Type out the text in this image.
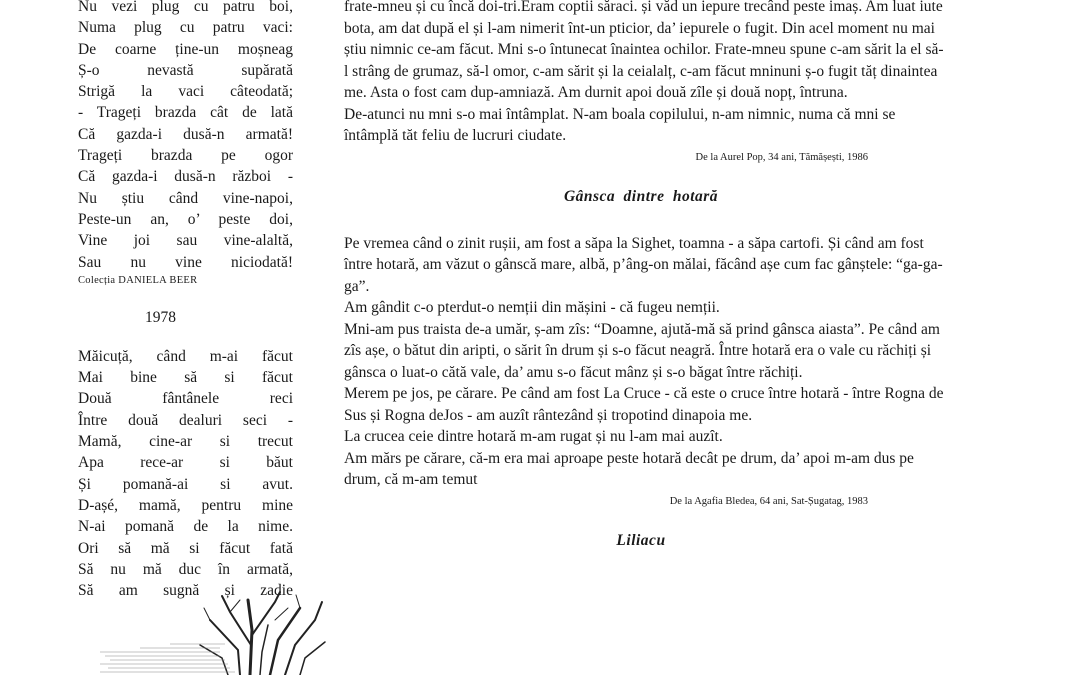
Nu vezi plug cu patru boi,
Numa plug cu patru vaci:
De coarne ține-un moșneag
Ș-o nevastă supărată
Strigă la vaci câteodată;
- Trageți brazda cât de lată
Că gazda-i dusă-n armată!
Trageți brazda pe ogor
Că gazda-i dusă-n război -
Nu știu când vine-napoi,
Peste-un an, o’ peste doi,
Vine joi sau vine-alaltă,
Sau nu vine niciodată!
Colecția DANIELA BEER
1978
Măicuță, când m-ai făcut
Mai bine să si făcut
Două fântânele reci
Între două dealuri seci -
Mamă, cine-ar si trecut
Apa rece-ar si băut
Și pomană-ai si avut.
D-așé, mamă, pentru mine
N-ai pomană de la nime.
Ori să mă si făcut fată
Să nu mă duc în armată,
Să am sugnă și zadie

frate-mneu și cu încă doi-tri.Eram coptii săraci. și văd un iepure trecând peste imaș. Am luat iute bota, am dat după el și l-am nimerit înt-un pticior, da’ iepurele o fugit. Din acel moment nu mai știu nimnic ce-am făcut. Mni s-o întunecat înaintea ochilor. Frate-mneu spune c-am sărit la el să-l strâng de grumaz, să-l omor, c-am sărit și la ceialalț, c-am făcut mninuni ș-o fugit tăț dinaintea me. Asta o fost cam dup-amniază. Am durnit apoi două zîle și două nopț, întruna.

De-atunci nu mni s-o mai întâmplat. N-am boala copilului, n-am nimnic, numa că mni se întâmplă tăt feliu de lucruri ciudate.

De la Aurel Pop, 34 ani, Tămășești, 1986
Gânsca dintre hotară

Pe vremea când o zinit rușii, am fost a săpa la Sighet, toamna - a săpa cartofi. Și când am fost între hotară, am văzut o gânscă mare, albă, p’âng-on mălai, făcând așe cum fac gânștele: “ga-ga-ga”.

Am gândit c-o pterdut-o nemții din mășini - că fugeu nemții.

Mni-am pus traista de-a umăr, ș-am zîs: “Doamne, ajută-mă să prind gânsca aiasta”. Pe când am zîs așe, o bătut din aripti, o sărit în drum și s-o făcut neagră. Între hotară era o vale cu răchiți și gânsca o luat-o cătă vale, da’ amu s-o făcut mânz și s-o băgat între răchiți.

Merem pe jos, pe cărare. Pe când am fost La Cruce - că este o cruce între hotară - între Rogna de Sus și Rogna deJos - am auzît rântezând și tropotind dinapoia me.

La crucea ceie dintre hotară m-am rugat și nu l-am mai auzît.

Am mărs pe cărare, că-m era mai aproape peste hotară decât pe drum, da’ apoi m-am dus pe drum, că m-am temut

De la Agafia Bledea, 64 ani, Sat-Șugatag, 1983
Liliacu
